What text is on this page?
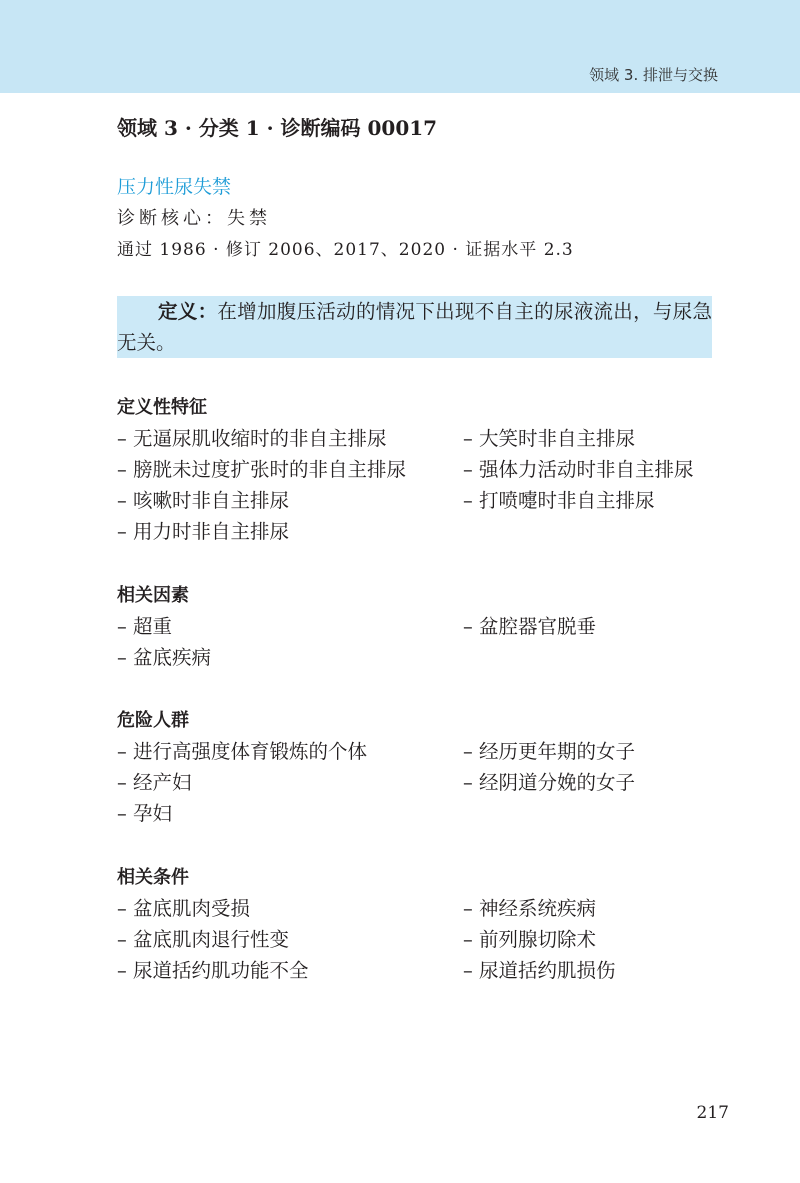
领域 3. 排泄与交换
领域 3 · 分类 1 · 诊断编码 00017
压力性尿失禁
诊断核心：失禁
通过 1986 · 修订 2006、2017、2020 · 证据水平 2.3
定义：在增加腹压活动的情况下出现不自主的尿液流出，与尿急无关。
定义性特征
– 无逼尿肌收缩时的非自主排尿
– 膀胱未过度扩张时的非自主排尿
– 咳嗽时非自主排尿
– 用力时非自主排尿
– 大笑时非自主排尿
– 强体力活动时非自主排尿
– 打喷嚏时非自主排尿
相关因素
– 超重
– 盆底疾病
– 盆腔器官脱垂
危险人群
– 进行高强度体育锻炼的个体
– 经产妇
– 孕妇
– 经历更年期的女子
– 经阴道分娩的女子
相关条件
– 盆底肌肉受损
– 盆底肌肉退行性变
– 尿道括约肌功能不全
– 神经系统疾病
– 前列腺切除术
– 尿道括约肌损伤
217
